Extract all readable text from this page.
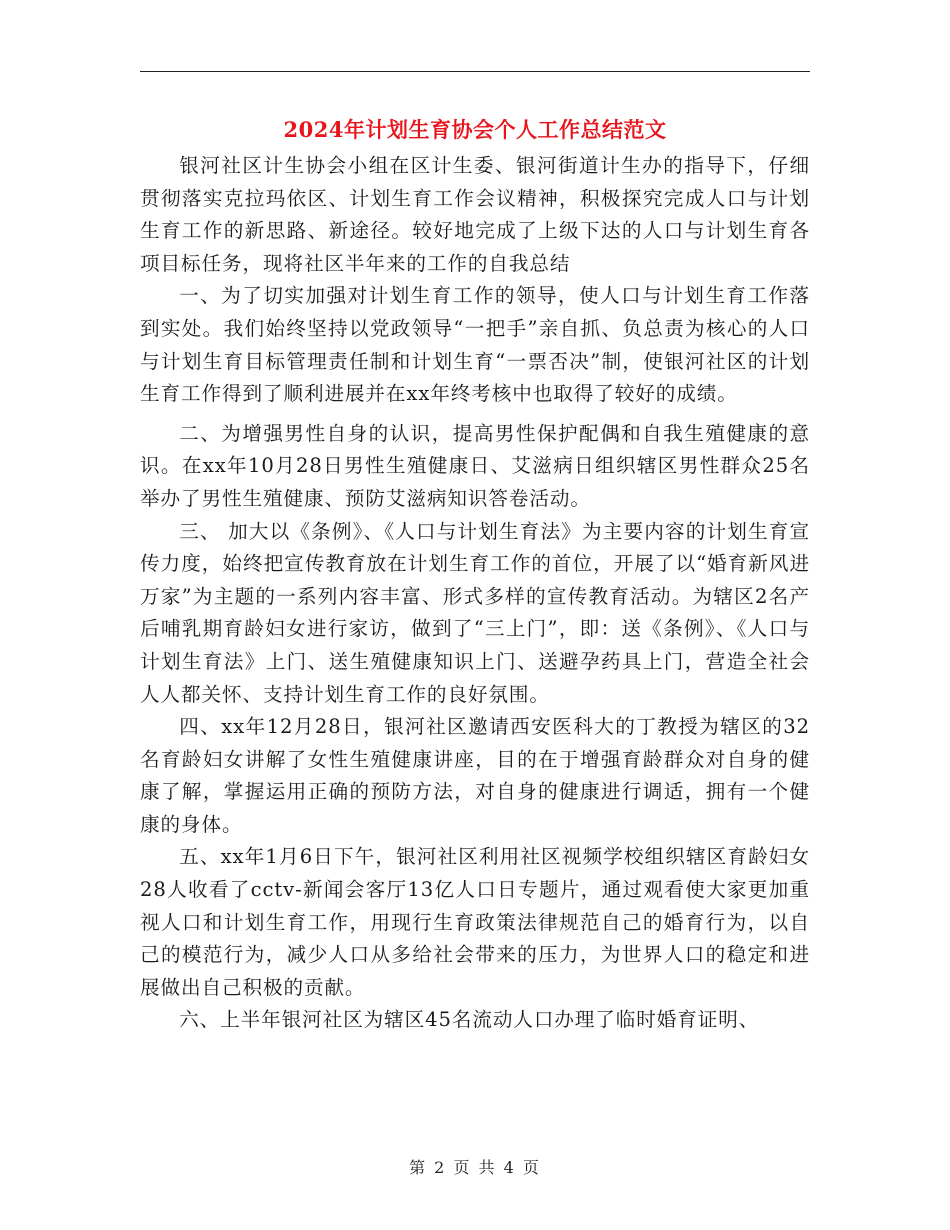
2024年计划生育协会个人工作总结范文

银河社区计生协会小组在区计生委、银河街道计生办的指导下，仔细贯彻落实克拉玛依区、计划生育工作会议精神，积极探究完成人口与计划生育工作的新思路、新途径。较好地完成了上级下达的人口与计划生育各项目标任务，现将社区半年来的工作的自我总结

一、为了切实加强对计划生育工作的领导，使人口与计划生育工作落到实处。我们始终坚持以党政领导“一把手”亲自抓、负总责为核心的人口与计划生育目标管理责任制和计划生育“一票否决”制，使银河社区的计划生育工作得到了顺利进展并在xx年终考核中也取得了较好的成绩。

二、为增强男性自身的认识，提高男性保护配偶和自我生殖健康的意识。在xx年10月28日男性生殖健康日、艾滋病日组织辖区男性群众25名举办了男性生殖健康、预防艾滋病知识答卷活动。

三、 加大以《条例》、《人口与计划生育法》为主要内容的计划生育宣传力度，始终把宣传教育放在计划生育工作的首位，开展了以“婚育新风进万家”为主题的一系列内容丰富、形式多样的宣传教育活动。为辖区2名产后哺乳期育龄妇女进行家访，做到了“三上门”，即：送《条例》、《人口与计划生育法》上门、送生殖健康知识上门、送避孕药具上门，营造全社会人人都关怀、支持计划生育工作的良好氛围。

四、xx年12月28日，银河社区邀请西安医科大的丁教授为辖区的32名育龄妇女讲解了女性生殖健康讲座，目的在于增强育龄群众对自身的健康了解，掌握运用正确的预防方法，对自身的健康进行调适，拥有一个健康的身体。

五、xx年1月6日下午，银河社区利用社区视频学校组织辖区育龄妇女28人收看了cctv-新闻会客厅13亿人口日专题片，通过观看使大家更加重视人口和计划生育工作，用现行生育政策法律规范自己的婚育行为，以自己的模范行为，减少人口从多给社会带来的压力，为世界人口的稳定和进展做出自己积极的贡献。

六、上半年银河社区为辖区45名流动人口办理了临时婚育证明、

第 2 页 共 4 页
